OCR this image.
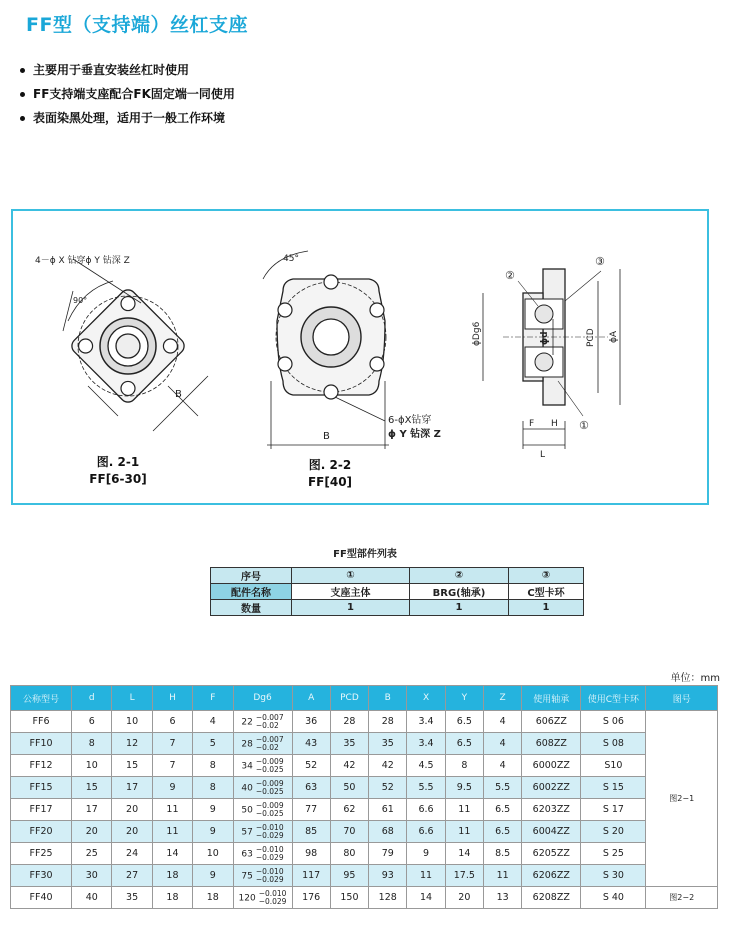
FF型（支持端）丝杠支座
主要用于垂直安装丝杠时使用
FF支持端支座配合FK固定端一同使用
表面染黑处理，适用于一般工作环境
4－ϕ X 钻穿ϕ Y 钻深 Z
90°
B
45°
B
6-ϕX钻穿
ϕ Y 钻深 Z
ϕDg6	ϕd	PCD ϕA
F H
L
②
③
①
图. 2-1
FF[6-30]
图. 2-2
FF[40]
FF型部件列表
序号	①	②	③
配件名称	支座主体	BRG(轴承)	C型卡环
数量	1	1	1
单位：mm
公称型号	d	L	H	F	Dg6	A	PCD	B	X	Y	Z	使用轴承	使用C型卡环	图号
FF6	6	10	6	4	22 −0.007
−0.02	36	28	28	3.4	6.5	4	606ZZ	S 06	图2−1
FF10	8	12	7	5	28 −0.007
−0.02	43	35	35	3.4	6.5	4	608ZZ	S 08	
FF12	10	15	7	8	34 −0.009
−0.025	52	42	42	4.5	8	4	6000ZZ	S10	
FF15	15	17	9	8	40 −0.009
−0.025	63	50	52	5.5	9.5	5.5	6002ZZ	S 15	
FF17	17	20	11	9	50 −0.009
−0.025	77	62	61	6.6	11	6.5	6203ZZ	S 17	
FF20	20	20	11	9	57 −0.010
−0.029	85	70	68	6.6	11	6.5	6004ZZ	S 20	
FF25	25	24	14	10	63 −0.010
−0.029	98	80	79	9	14	8.5	6205ZZ	S 25	
FF30	30	27	18	9	75 −0.010
−0.029	117	95	93	11	17.5	11	6206ZZ	S 30	
FF40	40	35	18	18	120 −0.010
−0.029	176	150	128	14	20	13	6208ZZ	S 40	图2−2
